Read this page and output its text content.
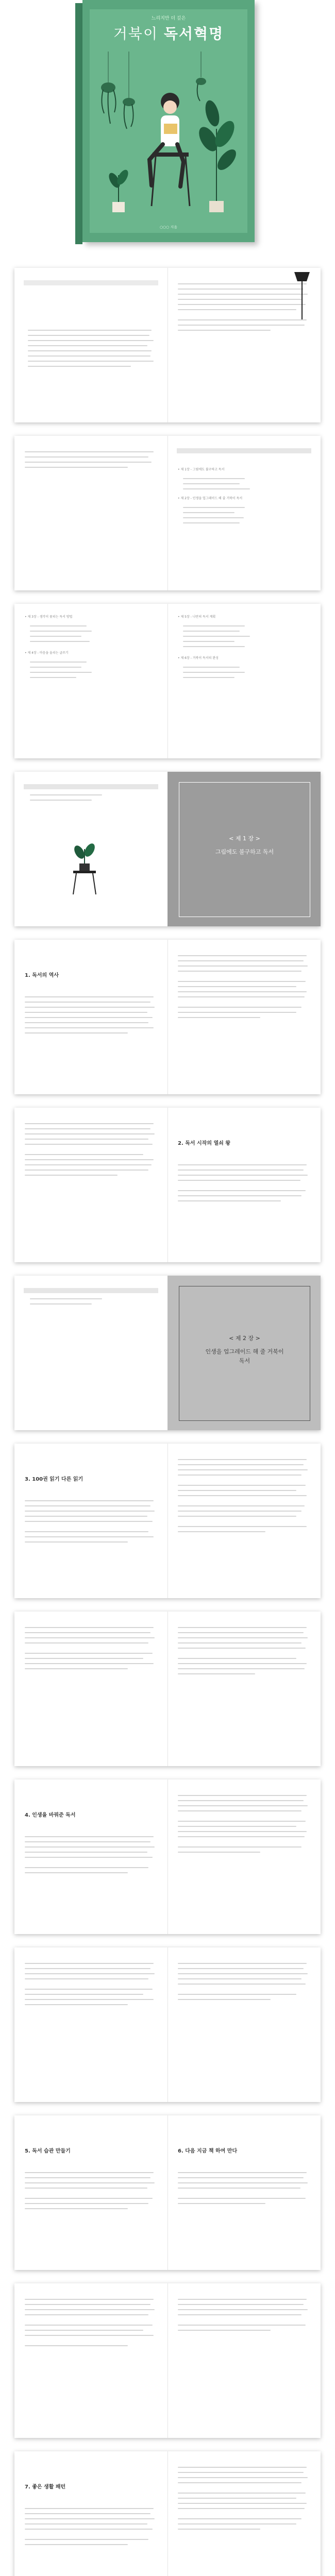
느리지만 더 깊은
거북이 독서혁명
○○○ 지음
• 제 1장 - 그림에도 불구하고 독서
• 제 2장 - 인생을 업그레이드 해 줄 거북이 독서
• 제 3장 - 생각이 꽃피는 독서 방법
• 제 4장 - 마음을 울리는 글쓰기
• 제 5장 - 나만의 독서 계획
• 제 6장 - 거북이 독서의 완성
< 제 1 장 >
그림에도 불구하고 독서
1. 독서의 역사
2. 독서 시작의 열쇠 왕
< 제 2 장 >
인생을 업그레이드 해 줄 거북이 독서
3. 100권 읽기 다른 읽기
4. 인생을 바꿔준 독서
5. 독서 습관 만들기	6. 다음 지금 책 하여 만다
7. 좋은 생활 패턴
